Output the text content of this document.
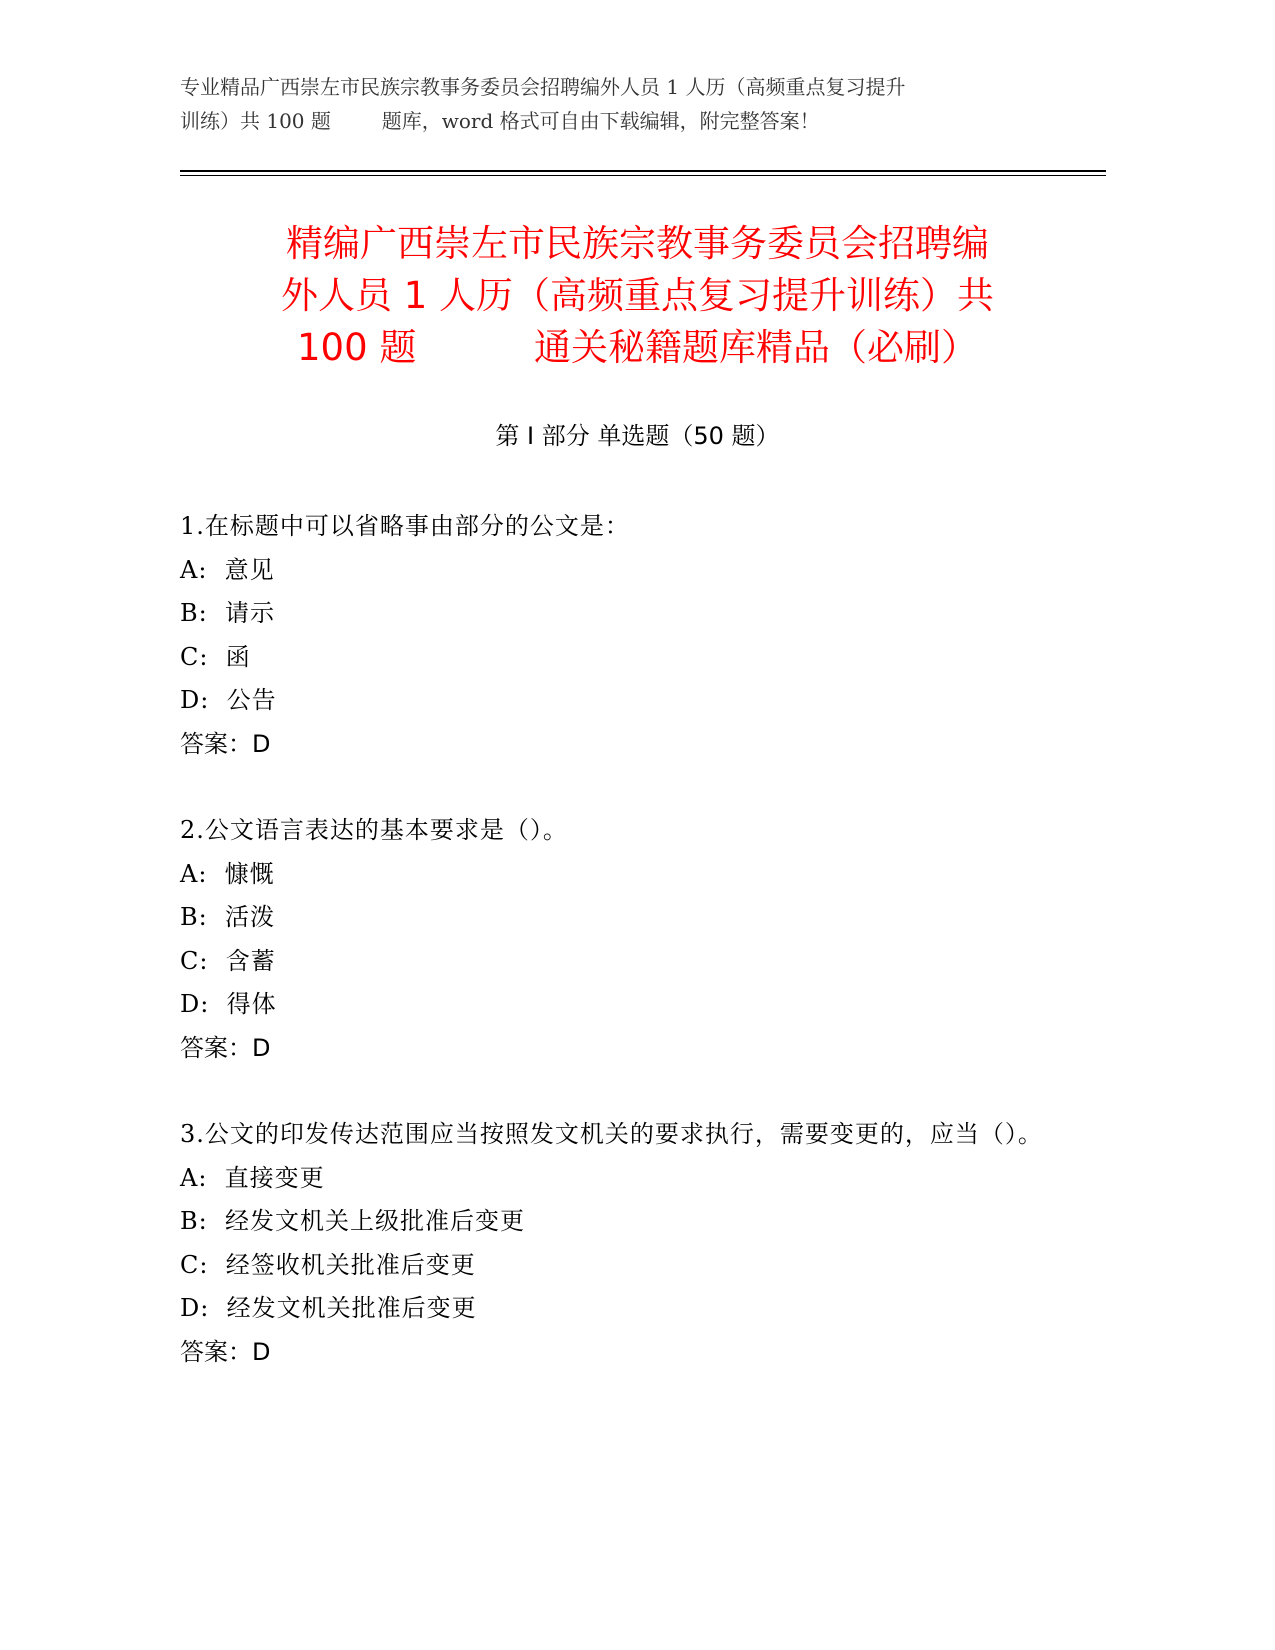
专业精品广西崇左市民族宗教事务委员会招聘编外人员 1 人历（高频重点复习提升
训练）共 100 题        题库，word 格式可自由下载编辑，附完整答案！
精编广西崇左市民族宗教事务委员会招聘编
外人员 1 人历（高频重点复习提升训练）共
100 题          通关秘籍题库精品（必刷）
第 I 部分 单选题（50 题）
1.在标题中可以省略事由部分的公文是：
A:  意见
B:  请示
C:  函
D:  公告
答案：D
2.公文语言表达的基本要求是（）。
A:  慷慨
B:  活泼
C:  含蓄
D:  得体
答案：D
3.公文的印发传达范围应当按照发文机关的要求执行，需要变更的，应当（）。
A:  直接变更
B:  经发文机关上级批准后变更
C:  经签收机关批准后变更
D:  经发文机关批准后变更
答案：D
